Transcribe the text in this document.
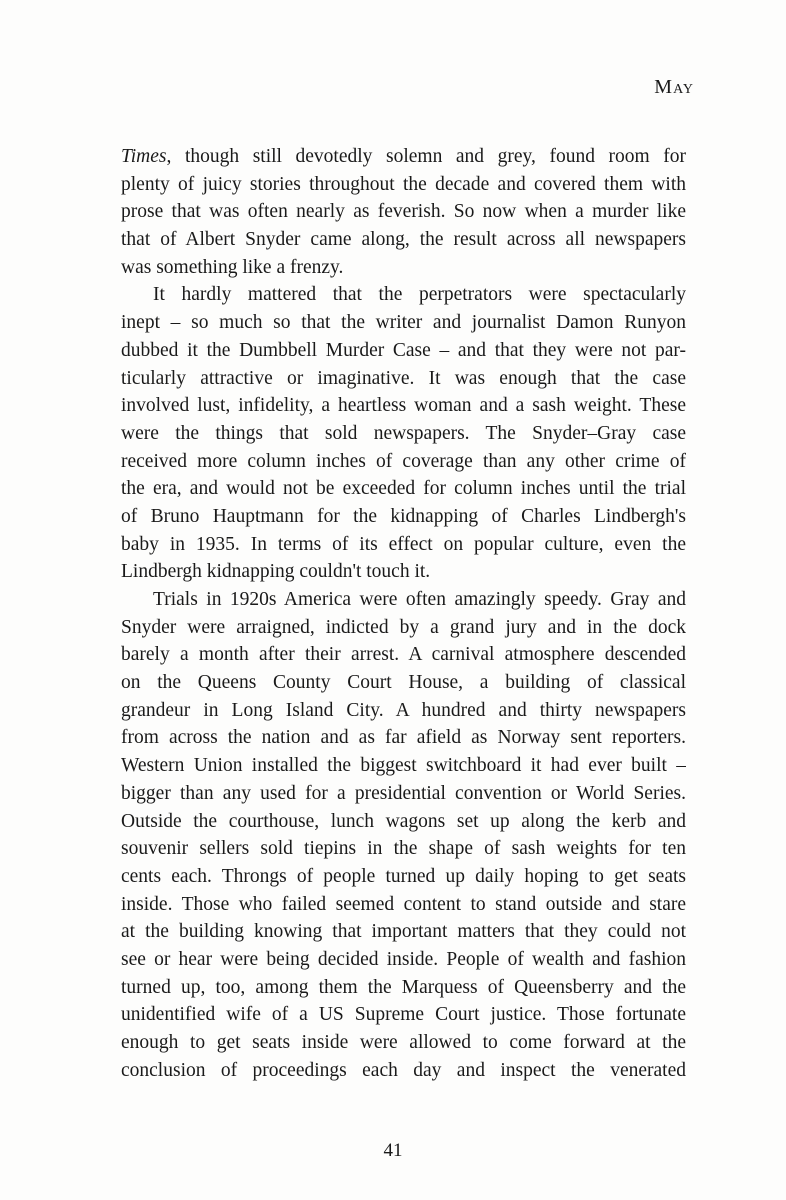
May
Times, though still devotedly solemn and grey, found room for
plenty of juicy stories throughout the decade and covered them with
prose that was often nearly as feverish. So now when a murder like
that of Albert Snyder came along, the result across all newspapers
was something like a frenzy.
It hardly mattered that the perpetrators were spectacularly
inept – so much so that the writer and journalist Damon Runyon
dubbed it the Dumbbell Murder Case – and that they were not par-
ticularly attractive or imaginative. It was enough that the case
involved lust, infidelity, a heartless woman and a sash weight. These
were the things that sold newspapers. The Snyder–Gray case
received more column inches of coverage than any other crime of
the era, and would not be exceeded for column inches until the trial
of Bruno Hauptmann for the kidnapping of Charles Lindbergh's
baby in 1935. In terms of its effect on popular culture, even the
Lindbergh kidnapping couldn't touch it.
Trials in 1920s America were often amazingly speedy. Gray and
Snyder were arraigned, indicted by a grand jury and in the dock
barely a month after their arrest. A carnival atmosphere descended
on the Queens County Court House, a building of classical
grandeur in Long Island City. A hundred and thirty newspapers
from across the nation and as far afield as Norway sent reporters.
Western Union installed the biggest switchboard it had ever built –
bigger than any used for a presidential convention or World Series.
Outside the courthouse, lunch wagons set up along the kerb and
souvenir sellers sold tiepins in the shape of sash weights for ten
cents each. Throngs of people turned up daily hoping to get seats
inside. Those who failed seemed content to stand outside and stare
at the building knowing that important matters that they could not
see or hear were being decided inside. People of wealth and fashion
turned up, too, among them the Marquess of Queensberry and the
unidentified wife of a US Supreme Court justice. Those fortunate
enough to get seats inside were allowed to come forward at the
conclusion of proceedings each day and inspect the venerated
41
